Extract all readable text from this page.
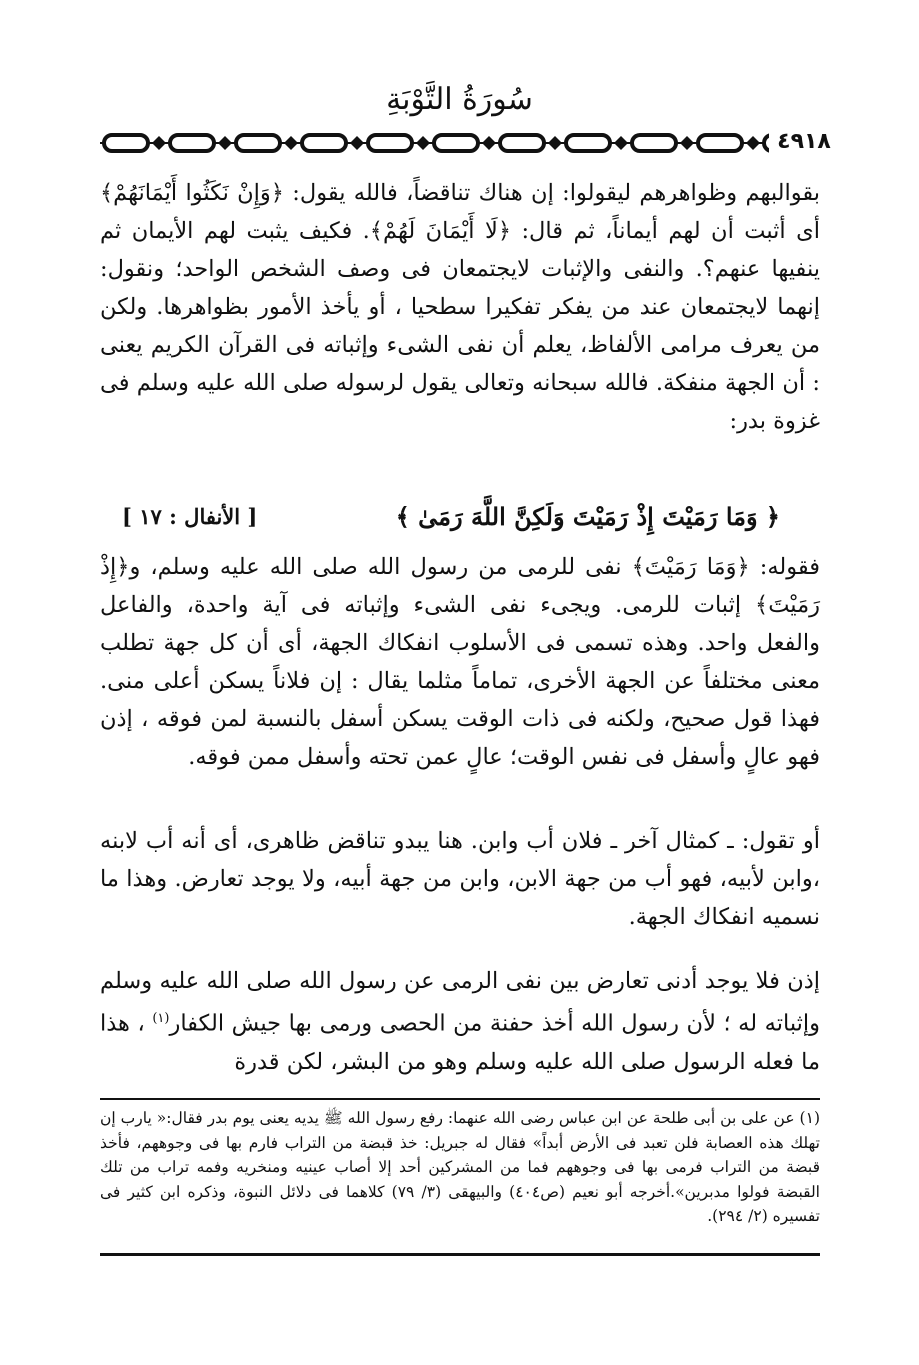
سُورَةُ التَّوْبَةِ
٤٩١٨

بقوالبهم وظواهرهم ليقولوا: إن هناك تناقضاً، فالله يقول: ﴿وَإِنْ نَكَثُوا أَيْمَانَهُمْ﴾ أى أثبت أن لهم أيماناً، ثم قال: ﴿لَا أَيْمَانَ لَهُمْ﴾. فكيف يثبت لهم الأيمان ثم ينفيها عنهم؟. والنفى والإثبات لايجتمعان فى وصف الشخص الواحد؛ ونقول: إنهما لايجتمعان عند من يفكر تفكيرا سطحيا ، أو يأخذ الأمور بظواهرها. ولكن من يعرف مرامى الألفاظ، يعلم أن نفى الشىء وإثباته فى القرآن الكريم يعنى : أن الجهة منفكة. فالله سبحانه وتعالى يقول لرسوله صلى الله عليه وسلم فى غزوة بدر:

﴿ وَمَا رَمَيْتَ إِذْ رَمَيْتَ وَلَكِنَّ اللَّهَ رَمَىٰ ﴾
[ الأنفال : ١٧ ]

فقوله: ﴿وَمَا رَمَيْتَ﴾ نفى للرمى من رسول الله صلى الله عليه وسلم، و﴿إِذْ رَمَيْتَ﴾ إثبات للرمى. ويجىء نفى الشىء وإثباته فى آية واحدة، والفاعل والفعل واحد. وهذه تسمى فى الأسلوب انفكاك الجهة، أى أن كل جهة تطلب معنى مختلفاً عن الجهة الأخرى، تماماً مثلما يقال : إن فلاناً يسكن أعلى منى. فهذا قول صحيح، ولكنه فى ذات الوقت يسكن أسفل بالنسبة لمن فوقه ، إذن فهو عالٍ وأسفل فى نفس الوقت؛ عالٍ عمن تحته وأسفل ممن فوقه.

أو تقول: ـ كمثال آخر ـ فلان أب وابن. هنا يبدو تناقض ظاهرى، أى أنه أب لابنه ،وابن لأبيه، فهو أب من جهة الابن، وابن من جهة أبيه، ولا يوجد تعارض. وهذا ما نسميه انفكاك الجهة.

إذن فلا يوجد أدنى تعارض بين نفى الرمى عن رسول الله صلى الله عليه وسلم وإثباته له ؛ لأن رسول الله أخذ حفنة من الحصى ورمى بها جيش الكفار$^{(١)}$ ، هذا ما فعله الرسول صلى الله عليه وسلم وهو من البشر، لكن قدرة

(١) عن على بن أبى طلحة عن ابن عباس رضى الله عنهما: رفع رسول الله ﷺ يديه يعنى يوم بدر فقال:« يارب إن تهلك هذه العصابة فلن تعبد فى الأرض أبداً» فقال له جبريل: خذ قبضة من التراب فارم بها فى وجوههم، فأخذ قبضة من التراب فرمى بها فى وجوههم فما من المشركين أحد إلا أصاب عينيه ومنخريه وفمه تراب من تلك القبضة فولوا مدبرين».أخرجه أبو نعيم (ص٤٠٤) والبيهقى (٣/ ٧٩) كلاهما فى دلائل النبوة، وذكره ابن كثير فى تفسيره (٢/ ٢٩٤).
